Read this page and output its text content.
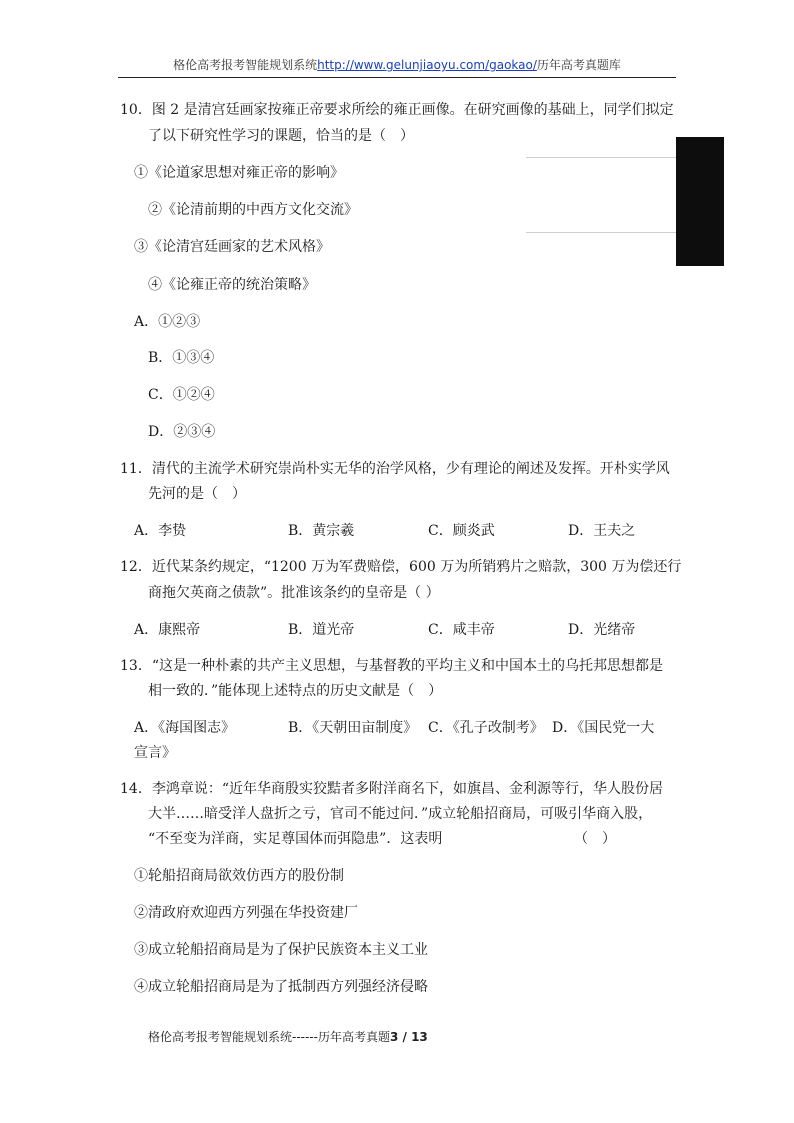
格伦高考报考智能规划系统http://www.gelunjiaoyu.com/gaokao/历年高考真题库
10．图 2 是清宫廷画家按雍正帝要求所绘的雍正画像。在研究画像的基础上，同学们拟定
了以下研究性学习的课题，恰当的是（　）
①《论道家思想对雍正帝的影响》
②《论清前期的中西方文化交流》
③《论清宫廷画家的艺术风格》
④《论雍正帝的统治策略》
A．①②③
B．①③④
C．①②④
D．②③④
11．清代的主流学术研究崇尚朴实无华的治学风格，少有理论的阐述及发挥。开朴实学风
先河的是（　）
A．李贽	B．黄宗羲	C．顾炎武	D．王夫之
12．近代某条约规定，“1200 万为军费赔偿，600 万为所销鸦片之赔款，300 万为偿还行
商拖欠英商之债款”。批准该条约的皇帝是（ ）
A．康熙帝	B．道光帝	C．咸丰帝	D．光绪帝
13．“这是一种朴素的共产主义思想，与基督教的平均主义和中国本土的乌托邦思想都是
相一致的．”能体现上述特点的历史文献是（　）
A．《海国图志》	B．《天朝田亩制度》 C．《孔子改制考》 D．《国民党一大
宣言》
14．李鸿章说：“近年华商殷实狡黠者多附洋商名下，如旗昌、金利源等行，华人股份居
大半……暗受洋人盘折之亏，官司不能过问．”成立轮船招商局，可吸引华商入股，
“不至变为洋商，实足尊国体而弭隐患”．这表明	（　）
①轮船招商局欲效仿西方的股份制
②清政府欢迎西方列强在华投资建厂
③成立轮船招商局是为了保护民族资本主义工业
④成立轮船招商局是为了抵制西方列强经济侵略
格伦高考报考智能规划系统------历年高考真题3 / 13
